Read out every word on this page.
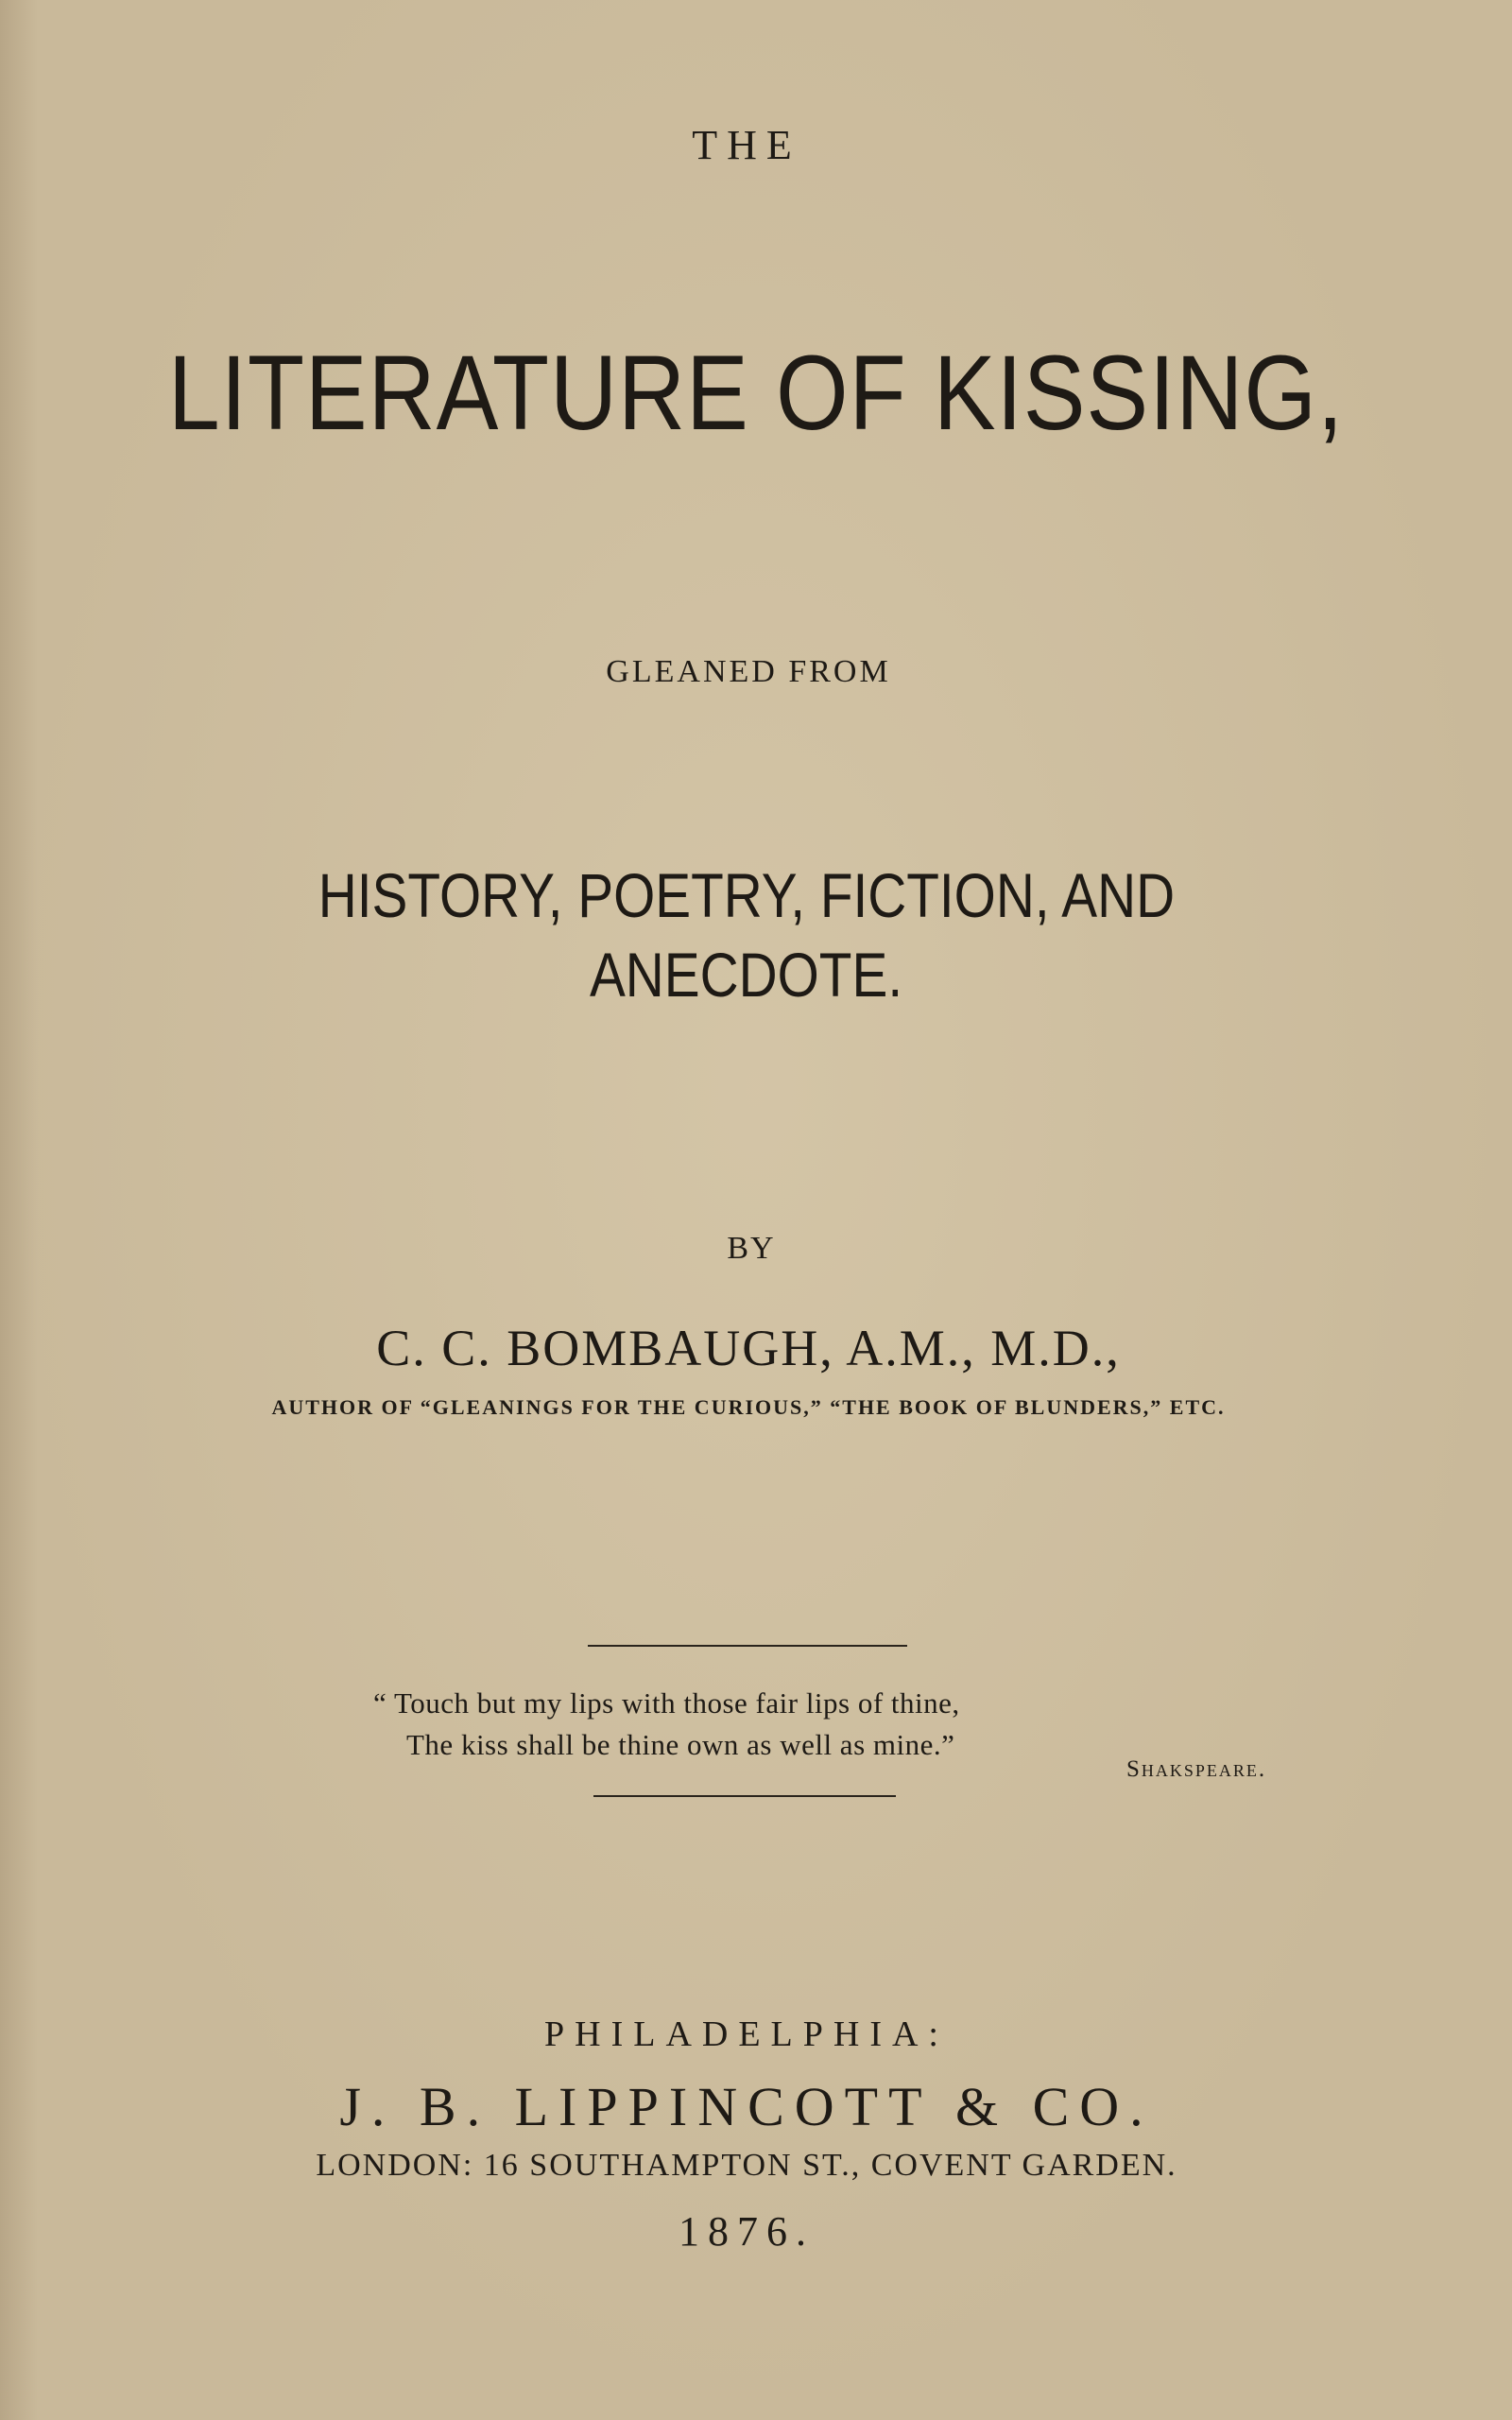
THE
LITERATURE OF KISSING,
GLEANED FROM
HISTORY, POETRY, FICTION, AND
ANECDOTE.
BY
C. C. BOMBAUGH, A.M., M.D.,
AUTHOR OF “GLEANINGS FOR THE CURIOUS,” “THE BOOK OF BLUNDERS,” ETC.
“ Touch but my lips with those fair lips of thine,
The kiss shall be thine own as well as mine.”
Shakspeare.
PHILADELPHIA:
J. B. LIPPINCOTT & CO.
LONDON: 16 SOUTHAMPTON ST., COVENT GARDEN.
1876.
